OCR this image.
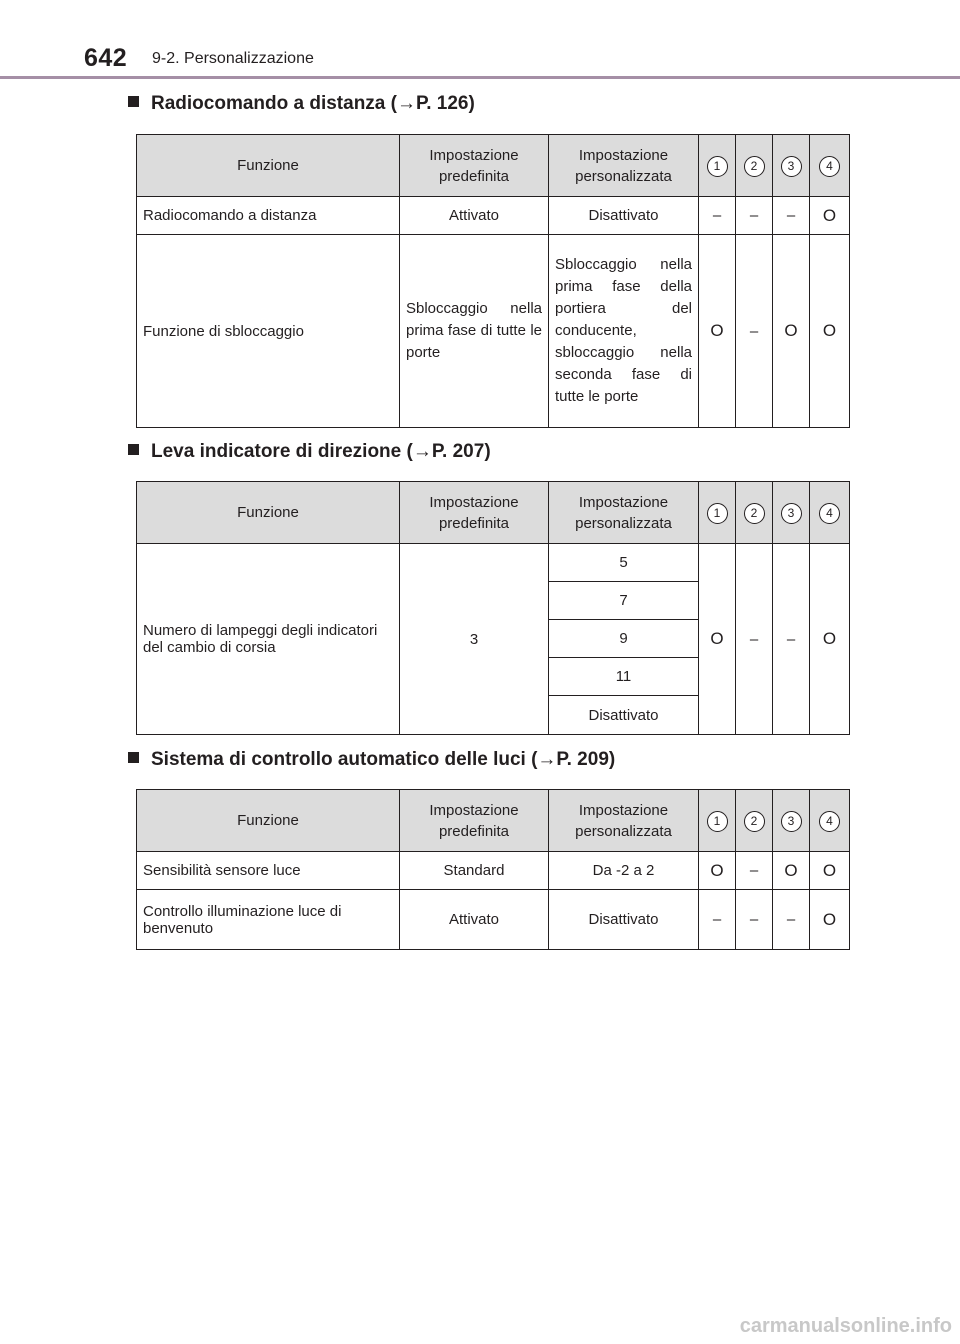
642 9-2. Personalizzazione
Radiocomando a distanza (→P. 126)
Funzione	Impostazione predefinita	Impostazione personalizzata	1	2	3	4
Radiocomando a distanza	Attivato	Disattivato	–	–	–	O
Funzione di sbloccaggio	Sbloccaggio nella prima fase di tutte le porte	Sbloccaggio nella prima fase della portiera del conducente, sbloccaggio nella seconda fase di tutte le porte	O	–	O	O
Leva indicatore di direzione (→P. 207)
Funzione	Impostazione predefinita	Impostazione personalizzata	1	2	3	4
Numero di lampeggi degli indicatori del cambio di corsia	3	5	O	–	–	O
		7				
		9				
		11				
		Disattivato				
Sistema di controllo automatico delle luci (→P. 209)
Funzione	Impostazione predefinita	Impostazione personalizzata	1	2	3	4
Sensibilità sensore luce	Standard	Da -2 a 2	O	–	O	O
Controllo illuminazione luce di benvenuto	Attivato	Disattivato	–	–	–	O
carmanualsonline.info
